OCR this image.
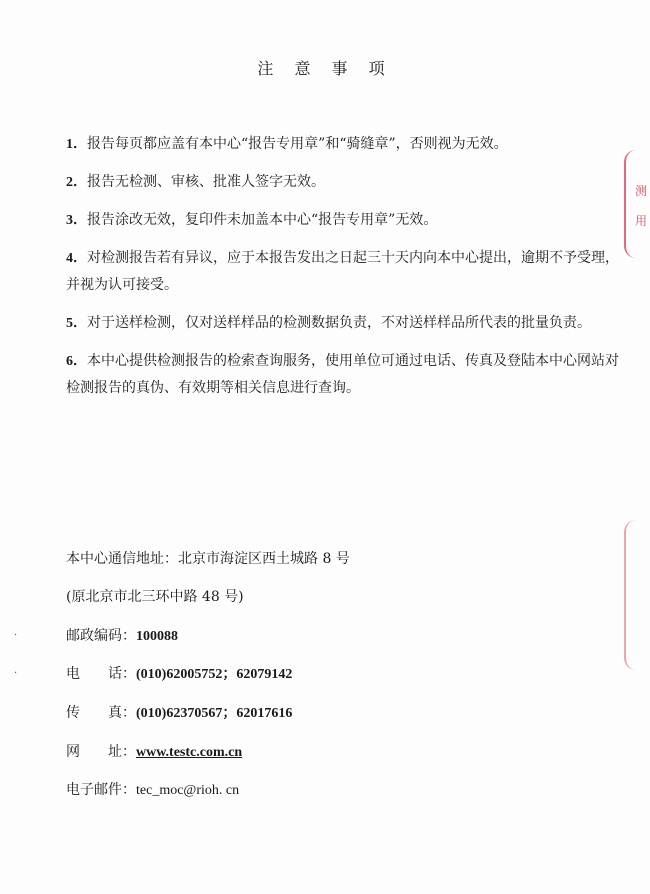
注 意 事 项

1．报告每页都应盖有本中心“报告专用章”和“骑缝章”，否则视为无效。

2．报告无检测、审核、批准人签字无效。

3．报告涂改无效，复印件未加盖本中心“报告专用章”无效。

4．对检测报告若有异议，应于本报告发出之日起三十天内向本中心提出，逾期不予受理，并视为认可接受。

5．对于送样检测，仅对送样样品的检测数据负责，不对送样样品所代表的批量负责。

6．本中心提供检测报告的检索查询服务，使用单位可通过电话、传真及登陆本中心网站对检测报告的真伪、有效期等相关信息进行查询。

本中心通信地址：北京市海淀区西土城路 8 号
(原北京市北三环中路 48 号)
邮政编码：100088
电　　话：(010)62005752；62079142
传　　真：(010)62370567；62017616
网　　址：www.testc.com.cn
电子邮件：tec_moc@rioh. cn
测
用
·
·
